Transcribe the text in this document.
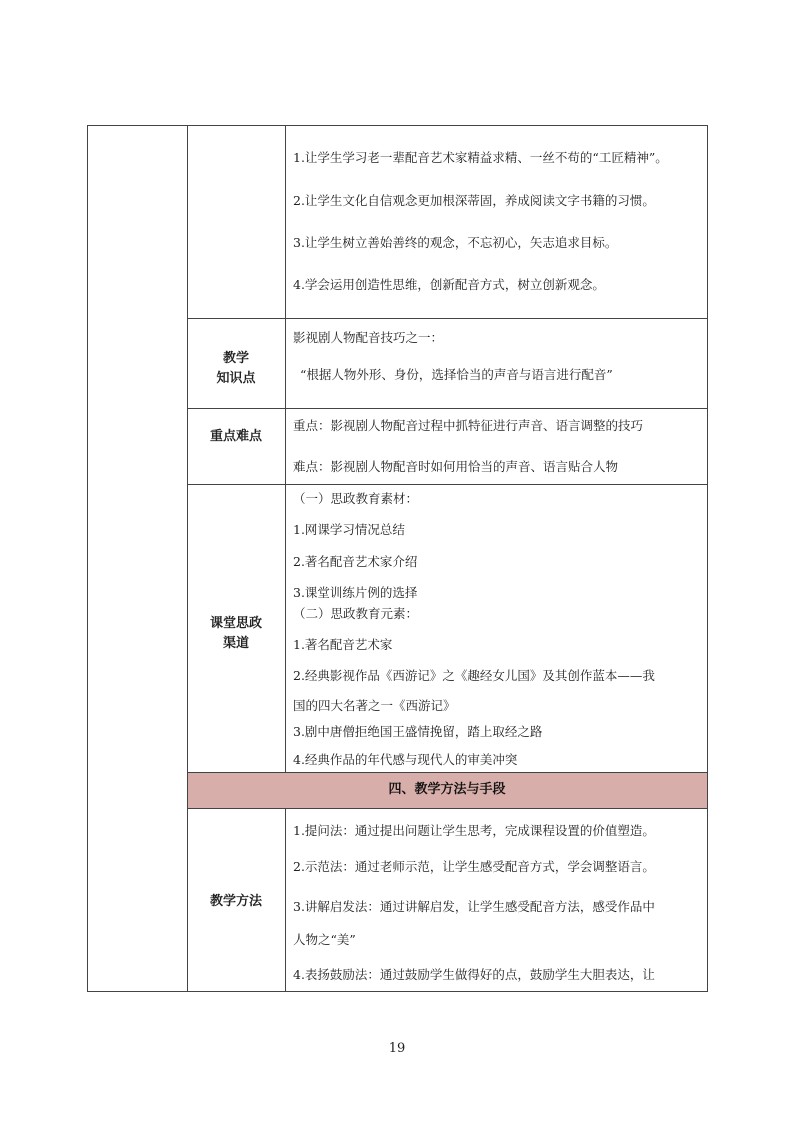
1.让学生学习老一辈配音艺术家精益求精、一丝不苟的“工匠精神”。
2.让学生文化自信观念更加根深蒂固，养成阅读文字书籍的习惯。
3.让学生树立善始善终的观念，不忘初心，矢志追求目标。
4.学会运用创造性思维，创新配音方式，树立创新观念。
教学
知识点
影视剧人物配音技巧之一：
“根据人物外形、身份，选择恰当的声音与语言进行配音”
重点难点
重点：影视剧人物配音过程中抓特征进行声音、语言调整的技巧
难点：影视剧人物配音时如何用恰当的声音、语言贴合人物
课堂思政
渠道
（一）思政教育素材：
1.网课学习情况总结
2.著名配音艺术家介绍
3.课堂训练片例的选择
（二）思政教育元素：
1.著名配音艺术家
2.经典影视作品《西游记》之《趣经女儿国》及其创作蓝本——我
国的四大名著之一《西游记》
3.剧中唐僧拒绝国王盛情挽留，踏上取经之路
4.经典作品的年代感与现代人的审美冲突
四、教学方法与手段
教学方法
1.提问法：通过提出问题让学生思考，完成课程设置的价值塑造。
2.示范法：通过老师示范，让学生感受配音方式，学会调整语言。
3.讲解启发法：通过讲解启发，让学生感受配音方法，感受作品中
人物之“美”
4.表扬鼓励法：通过鼓励学生做得好的点，鼓励学生大胆表达，让
19
